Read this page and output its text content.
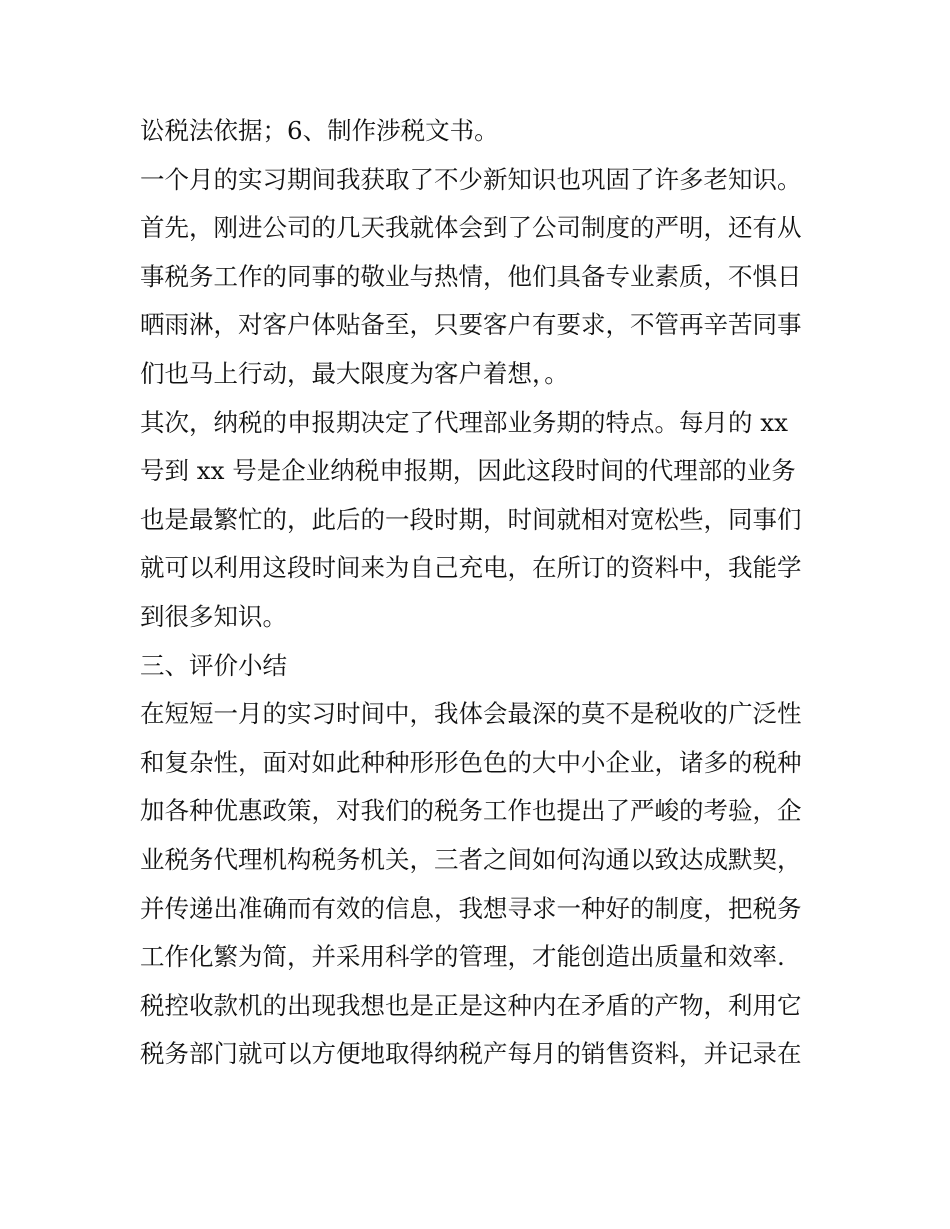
讼税法依据；6、制作涉税文书。
一个月的实习期间我获取了不少新知识也巩固了许多老知识。
首先，刚进公司的几天我就体会到了公司制度的严明，还有从
事税务工作的同事的敬业与热情，他们具备专业素质，不惧日
晒雨淋，对客户体贴备至，只要客户有要求，不管再辛苦同事
们也马上行动，最大限度为客户着想，。
其次，纳税的申报期决定了代理部业务期的特点。每月的 xx
号到 xx 号是企业纳税申报期，因此这段时间的代理部的业务
也是最繁忙的，此后的一段时期，时间就相对宽松些，同事们
就可以利用这段时间来为自己充电，在所订的资料中，我能学
到很多知识。
三、评价小结
在短短一月的实习时间中，我体会最深的莫不是税收的广泛性
和复杂性，面对如此种种形形色色的大中小企业，诸多的税种
加各种优惠政策，对我们的税务工作也提出了严峻的考验，企
业税务代理机构税务机关，三者之间如何沟通以致达成默契，
并传递出准确而有效的信息，我想寻求一种好的制度，把税务
工作化繁为简，并采用科学的管理，才能创造出质量和效率.
税控收款机的出现我想也是正是这种内在矛盾的产物，利用它
税务部门就可以方便地取得纳税产每月的销售资料，并记录在
